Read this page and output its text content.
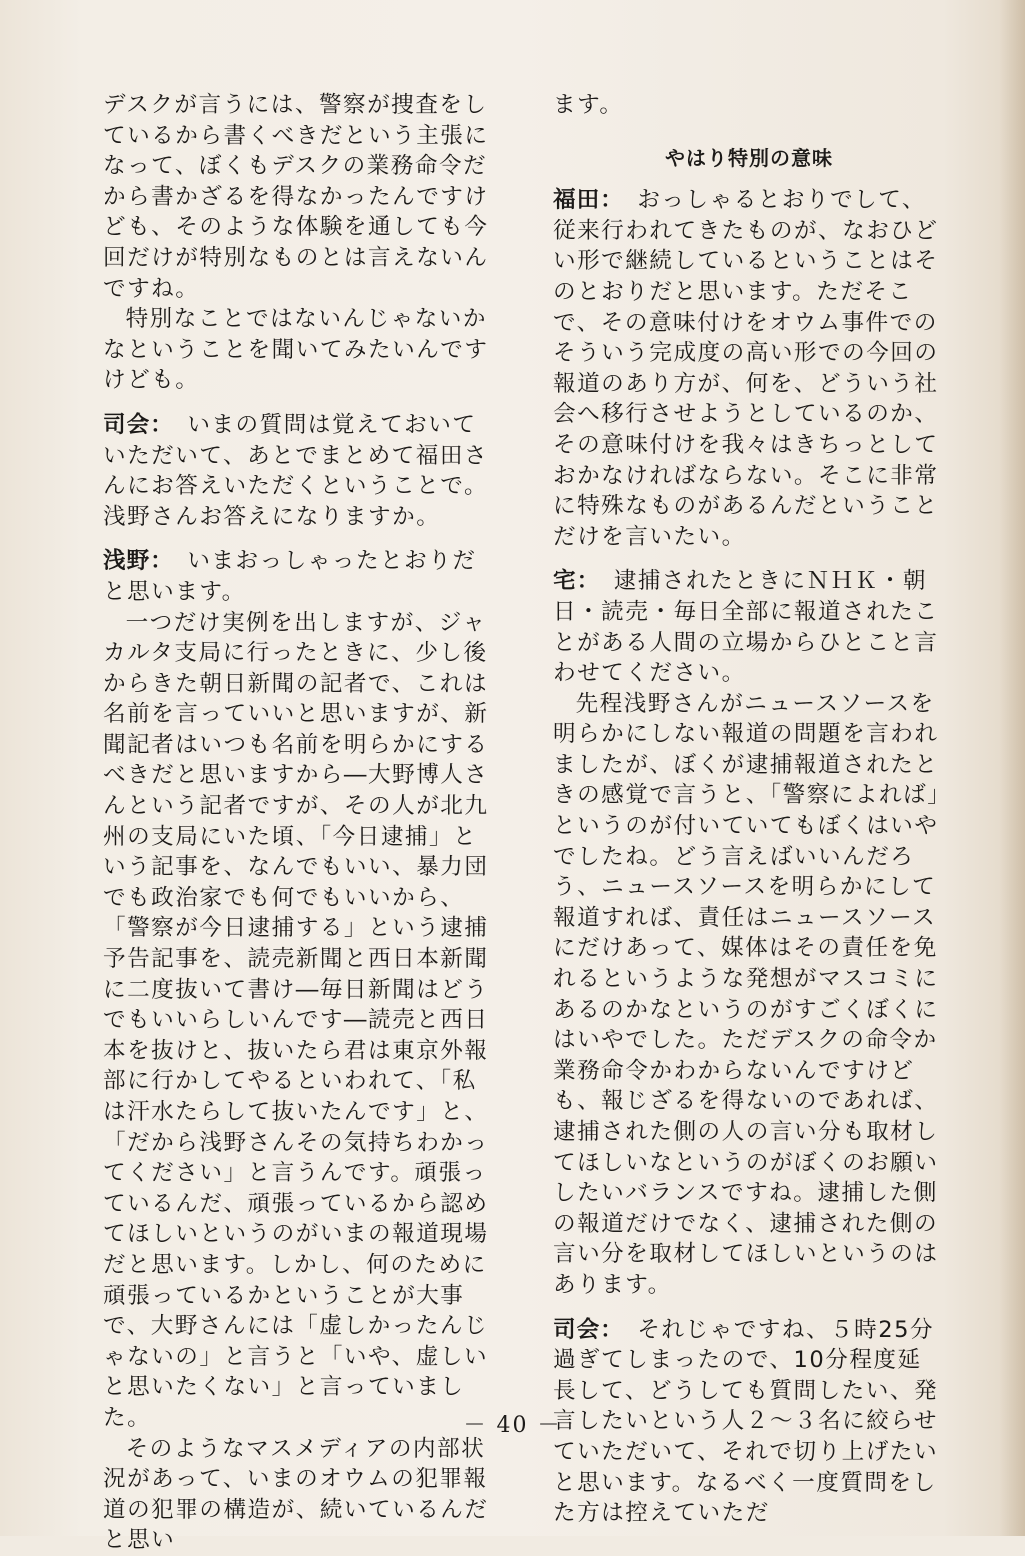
デスクが言うには、警察が捜査をしているから書くべきだという主張になって、ぼくもデスクの業務命令だから書かざるを得なかったんですけども、そのような体験を通しても今回だけが特別なものとは言えないんですね。

特別なことではないんじゃないかなということを聞いてみたいんですけども。

司会： いまの質問は覚えておいていただいて、あとでまとめて福田さんにお答えいただくということで。浅野さんお答えになりますか。

浅野： いまおっしゃったとおりだと思います。

一つだけ実例を出しますが、ジャカルタ支局に行ったときに、少し後からきた朝日新聞の記者で、これは名前を言っていいと思いますが、新聞記者はいつも名前を明らかにするべきだと思いますから―大野博人さんという記者ですが、その人が北九州の支局にいた頃、「今日逮捕」という記事を、なんでもいい、暴力団でも政治家でも何でもいいから、「警察が今日逮捕する」という逮捕予告記事を、読売新聞と西日本新聞に二度抜いて書け―毎日新聞はどうでもいいらしいんです―読売と西日本を抜けと、抜いたら君は東京外報部に行かしてやるといわれて、「私は汗水たらして抜いたんです」と、「だから浅野さんその気持ちわかってください」と言うんです。頑張っているんだ、頑張っているから認めてほしいというのがいまの報道現場だと思います。しかし、何のために頑張っているかということが大事で、大野さんには「虚しかったんじゃないの」と言うと「いや、虚しいと思いたくない」と言っていました。

そのようなマスメディアの内部状況があって、いまのオウムの犯罪報道の犯罪の構造が、続いているんだと思い

ます。

やはり特別の意味

福田： おっしゃるとおりでして、従来行われてきたものが、なおひどい形で継続しているということはそのとおりだと思います。ただそこで、その意味付けをオウム事件でのそういう完成度の高い形での今回の報道のあり方が、何を、どういう社会へ移行させようとしているのか、その意味付けを我々はきちっとしておかなければならない。そこに非常に特殊なものがあるんだということだけを言いたい。

宅： 逮捕されたときにＮＨＫ・朝日・読売・毎日全部に報道されたことがある人間の立場からひとこと言わせてください。

先程浅野さんがニュースソースを明らかにしない報道の問題を言われましたが、ぼくが逮捕報道されたときの感覚で言うと、「警察によれば」というのが付いていてもぼくはいやでしたね。どう言えばいいんだろう、ニュースソースを明らかにして報道すれば、責任はニュースソースにだけあって、媒体はその責任を免れるというような発想がマスコミにあるのかなというのがすごくぼくにはいやでした。ただデスクの命令か業務命令かわからないんですけども、報じざるを得ないのであれば、逮捕された側の人の言い分も取材してほしいなというのがぼくのお願いしたいバランスですね。逮捕した側の報道だけでなく、逮捕された側の言い分を取材してほしいというのはあります。

司会： それじゃですね、５時25分過ぎてしまったので、10分程度延長して、どうしても質問したい、発言したいという人２～３名に絞らせていただいて、それで切り上げたいと思います。なるべく一度質問をした方は控えていただ

－ 40 －
